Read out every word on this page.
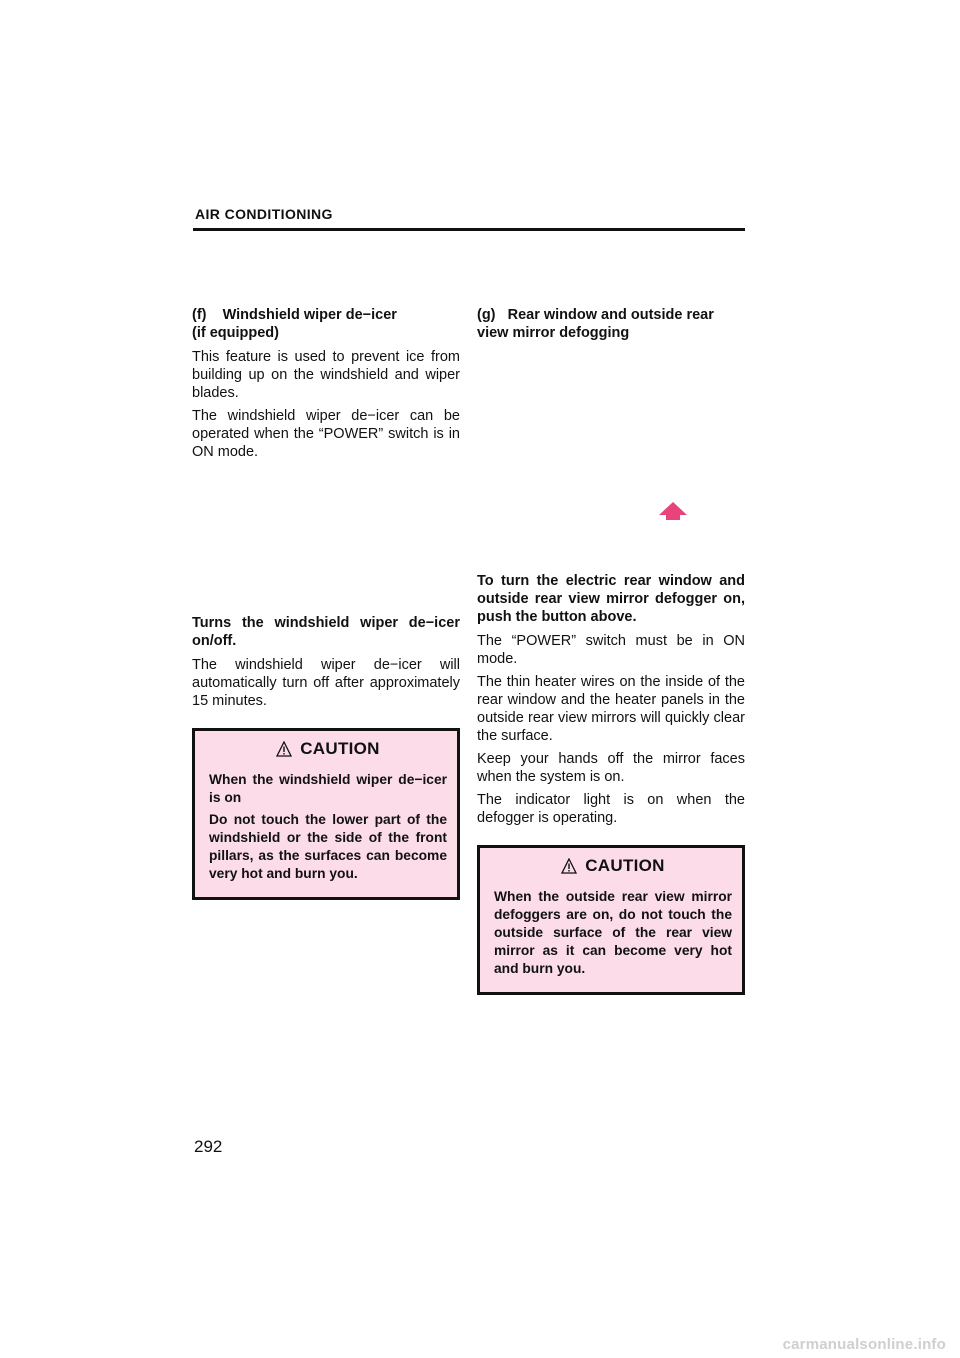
AIR CONDITIONING

(f)    Windshield wiper de−icer
(if equipped)

This feature is used to prevent ice from building up on the windshield and wiper blades.

The windshield wiper de−icer can be operated when the “POWER” switch is in ON mode.

Turns the windshield wiper de−icer on/off.

The windshield wiper de−icer will automatically turn off after approximately 15 minutes.

CAUTION

When the windshield wiper de−icer is on

Do not touch the lower part of the windshield or the side of the front pillars, as the surfaces can become very hot and burn you.

(g)   Rear window and outside rear view mirror defogging

To turn the electric rear window and outside rear view mirror defogger on, push the button above.

The “POWER” switch must be in ON mode.

The thin heater wires on the inside of the rear window and the heater panels in the outside rear view mirrors will quickly clear the surface.

Keep your hands off the mirror faces when the system is on.

The indicator light is on when the defogger is operating.

CAUTION

When the outside rear view mirror defoggers are on, do not touch the outside surface of the rear view mirror as it can become very hot and burn you.

292
carmanualsonline.info
